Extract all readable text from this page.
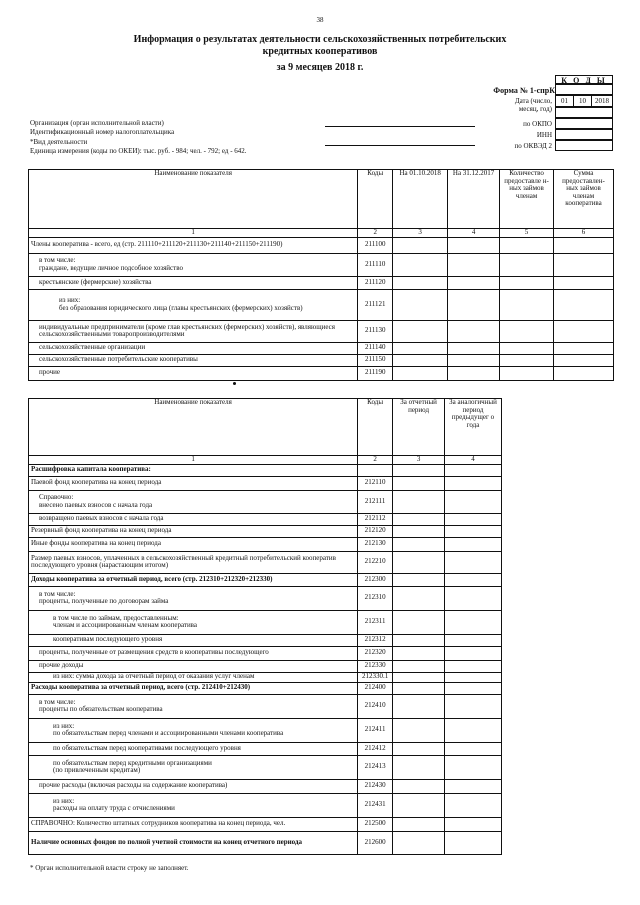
38
Информация о результатах деятельности сельскохозяйственных потребительских
кредитных кооперативов
за 9 месяцев 2018 г.
К О Д Ы
Форма № 1-спрК
Дата (число,
месяц, год)
01	10	2018
по ОКПО
ИНН
по ОКВЭД 2
Организация (орган исполнительной власти)
Идентификационный номер налогоплательщика
*Вид деятельности
Единица измерения (коды по ОКЕИ): тыс. руб. - 984; чел. - 792; ед - 642.
Наименование показателя	Коды	На 01.10.2018	На 31.12.2017	Количество предоставле н- ных займов членам	Сумма предоставлен- ных займов членам кооператива
1	2	3	4	5	6
Члены кооператива - всего, ед (стр. 211110+211120+211130+211140+211150+211190)	211100				

в том числе:
граждане, ведущие личное подсобное хозяйство	211110				
крестьянские (фермерские) хозяйства	211120				

из них:
без образования юридического лица (главы крестьянских (фермерских) хозяйств)	211121				
индивидуальные предприниматели (кроме глав крестьянских (фермерских) хозяйств), являющиеся сельскохозяйственными товаропроизводителями	211130				
сельскохозяйственные организации	211140				
сельскохозяйственные потребительские кооперативы	211150				
прочие	211190				
Наименование показателя	Коды	За отчетный период	За аналогичный период предыдущег о года
1	2	3	4
Расшифровка капитала кооператива:			
Паевой фонд кооператива на конец периода	212110		

Справочно:
внесено паевых взносов с начала года	212111		
возвращено паевых взносов с начала года	212112		
Резервный фонд кооператива на конец периода	212120		
Иные фонды кооператива на конец периода	212130		
Размер паевых взносов, уплаченных в сельскохозяйственный кредитный потребительский кооператив последующего уровня (нарастающим итогом)	212210		
Доходы кооператива за отчетный период, всего (стр. 212310+212320+212330)	212300		

в том числе:
проценты, полученные по договорам займа	212310		

в том числе по займам, предоставленным:
членам и ассоциированным членам кооператива	212311		
кооперативам последующего уровня	212312		
проценты, полученные от размещения средств в кооперативы последующего	212320		
прочие доходы	212330		
из них: сумма дохода за отчетный период от оказания услуг членам	212330.1		
Расходы кооператива за отчетный период, всего (стр. 212410+212430)	212400		

в том числе:
проценты по обязательствам кооператива	212410		

из них:
по обязательствам перед членами и ассоциированными членами кооператива	212411		
по обязательствам перед кооперативами последующего уровня	212412		

по обязательствам перед кредитными организациями
(по привлеченным кредитам)	212413		
прочие расходы (включая расходы на содержание кооператива)	212430		

из них:
расходы на оплату труда с отчислениями	212431		
СПРАВОЧНО: Количество штатных сотрудников кооператива на конец периода, чел.	212500		
Наличие основных фондов по полной учетной стоимости на конец отчетного периода	212600		
* Орган исполнительной власти строку не заполняет.
